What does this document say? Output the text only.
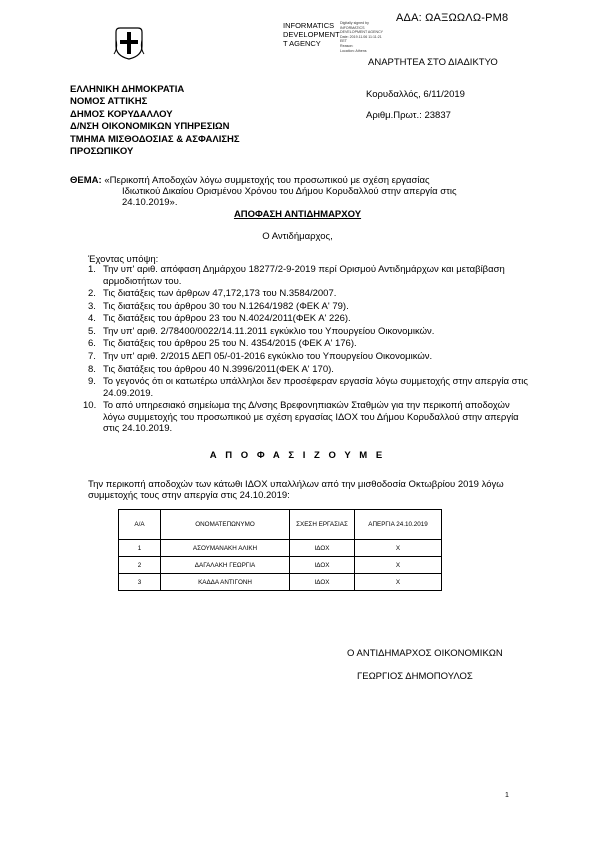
ΑΔΑ: ΩΑΞΩΩΛΩ-ΡΜ8
INFORMATICS
DEVELOPMENT
T AGENCY
Digitally signed by
INFORMATICS
DEVELOPMENT AGENCY
Date: 2019.11.06 11:11:21
EET
Reason:
Location: Athens
ΑΝΑΡΤΗΤΕΑ ΣΤΟ ΔΙΑΔΙΚΤΥΟ
ΕΛΛΗΝΙΚΗ ΔΗΜΟΚΡΑΤΙΑ
ΝΟΜΟΣ ΑΤΤΙΚΗΣ
ΔΗΜΟΣ ΚΟΡΥΔΑΛΛΟΥ
Δ/ΝΣΗ ΟΙΚΟΝΟΜΙΚΩΝ ΥΠΗΡΕΣΙΩΝ
ΤΜΗΜΑ ΜΙΣΘΟΔΟΣΙΑΣ & ΑΣΦΑΛΙΣΗΣ
ΠΡΟΣΩΠΙΚΟΥ
Κορυδαλλός, 6/11/2019
Αριθμ.Πρωτ.: 23837
ΘΕΜΑ: «Περικοπή Αποδοχών λόγω συμμετοχής του προσωπικού με σχέση εργασίας
Ιδιωτικού Δικαίου Ορισμένου Χρόνου του Δήμου Κορυδαλλού στην απεργία στις
24.10.2019».
ΑΠΟΦΑΣΗ ΑΝΤΙΔΗΜΑΡΧΟΥ
Ο Αντιδήμαρχος,
Έχοντας υπόψη:
1. Την υπ' αριθ. απόφαση Δημάρχου 18277/2-9-2019 περί Ορισμού Αντιδημάρχων και μεταβίβαση αρμοδιοτήτων του.
2. Τις διατάξεις των άρθρων 47,172,173 του Ν.3584/2007.
3. Τις διατάξεις του άρθρου 30 του Ν.1264/1982 (ΦΕΚ Α' 79).
4. Τις διατάξεις του άρθρου 23 του Ν.4024/2011(ΦΕΚ Α' 226).
5. Την υπ' αριθ. 2/78400/0022/14.11.2011 εγκύκλιο του Υπουργείου Οικονομικών.
6. Τις διατάξεις του άρθρου 25 του Ν. 4354/2015 (ΦΕΚ Α' 176).
7. Την υπ' αριθ. 2/2015 ΔΕΠ 05/-01-2016 εγκύκλιο του Υπουργείου Οικονομικών.
8. Τις διατάξεις του άρθρου 40 Ν.3996/2011(ΦΕΚ Α' 170).
9. Το γεγονός ότι οι κατωτέρω υπάλληλοι δεν προσέφεραν εργασία λόγω συμμετοχής στην απεργία στις 24.09.2019.
10. Το από υπηρεσιακό σημείωμα της Δ/νσης Βρεφονηπιακών Σταθμών για την περικοπή αποδοχών λόγω συμμετοχής του προσωπικού με σχέση εργασίας ΙΔΟΧ του Δήμου Κορυδαλλού στην απεργία στις 24.10.2019.
Α Π Ο Φ Α Σ Ι Ζ Ο Υ Μ Ε
Την περικοπή αποδοχών των κάτωθι ΙΔΟΧ υπαλλήλων από την μισθοδοσία Οκτωβρίου 2019 λόγω συμμετοχής τους στην απεργία στις 24.10.2019:
Α/Α	ΟΝΟΜΑΤΕΠΩΝΥΜΟ	ΣΧΕΣΗ ΕΡΓΑΣΙΑΣ	ΑΠΕΡΓΙΑ 24.10.2019
1	ΑΣΟΥΜΑΝΑΚΗ ΑΛΙΚΗ	ΙΔΟΧ	Χ
2	ΔΑΓΑΛΑΚΗ ΓΕΩΡΓΙΑ	ΙΔΟΧ	Χ
3	ΚΑΔΔΑ ΑΝΤΙΓΟΝΗ	ΙΔΟΧ	Χ
Ο ΑΝΤΙΔΗΜΑΡΧΟΣ ΟΙΚΟΝΟΜΙΚΩΝ
ΓΕΩΡΓΙΟΣ ΔΗΜΟΠΟΥΛΟΣ
1
